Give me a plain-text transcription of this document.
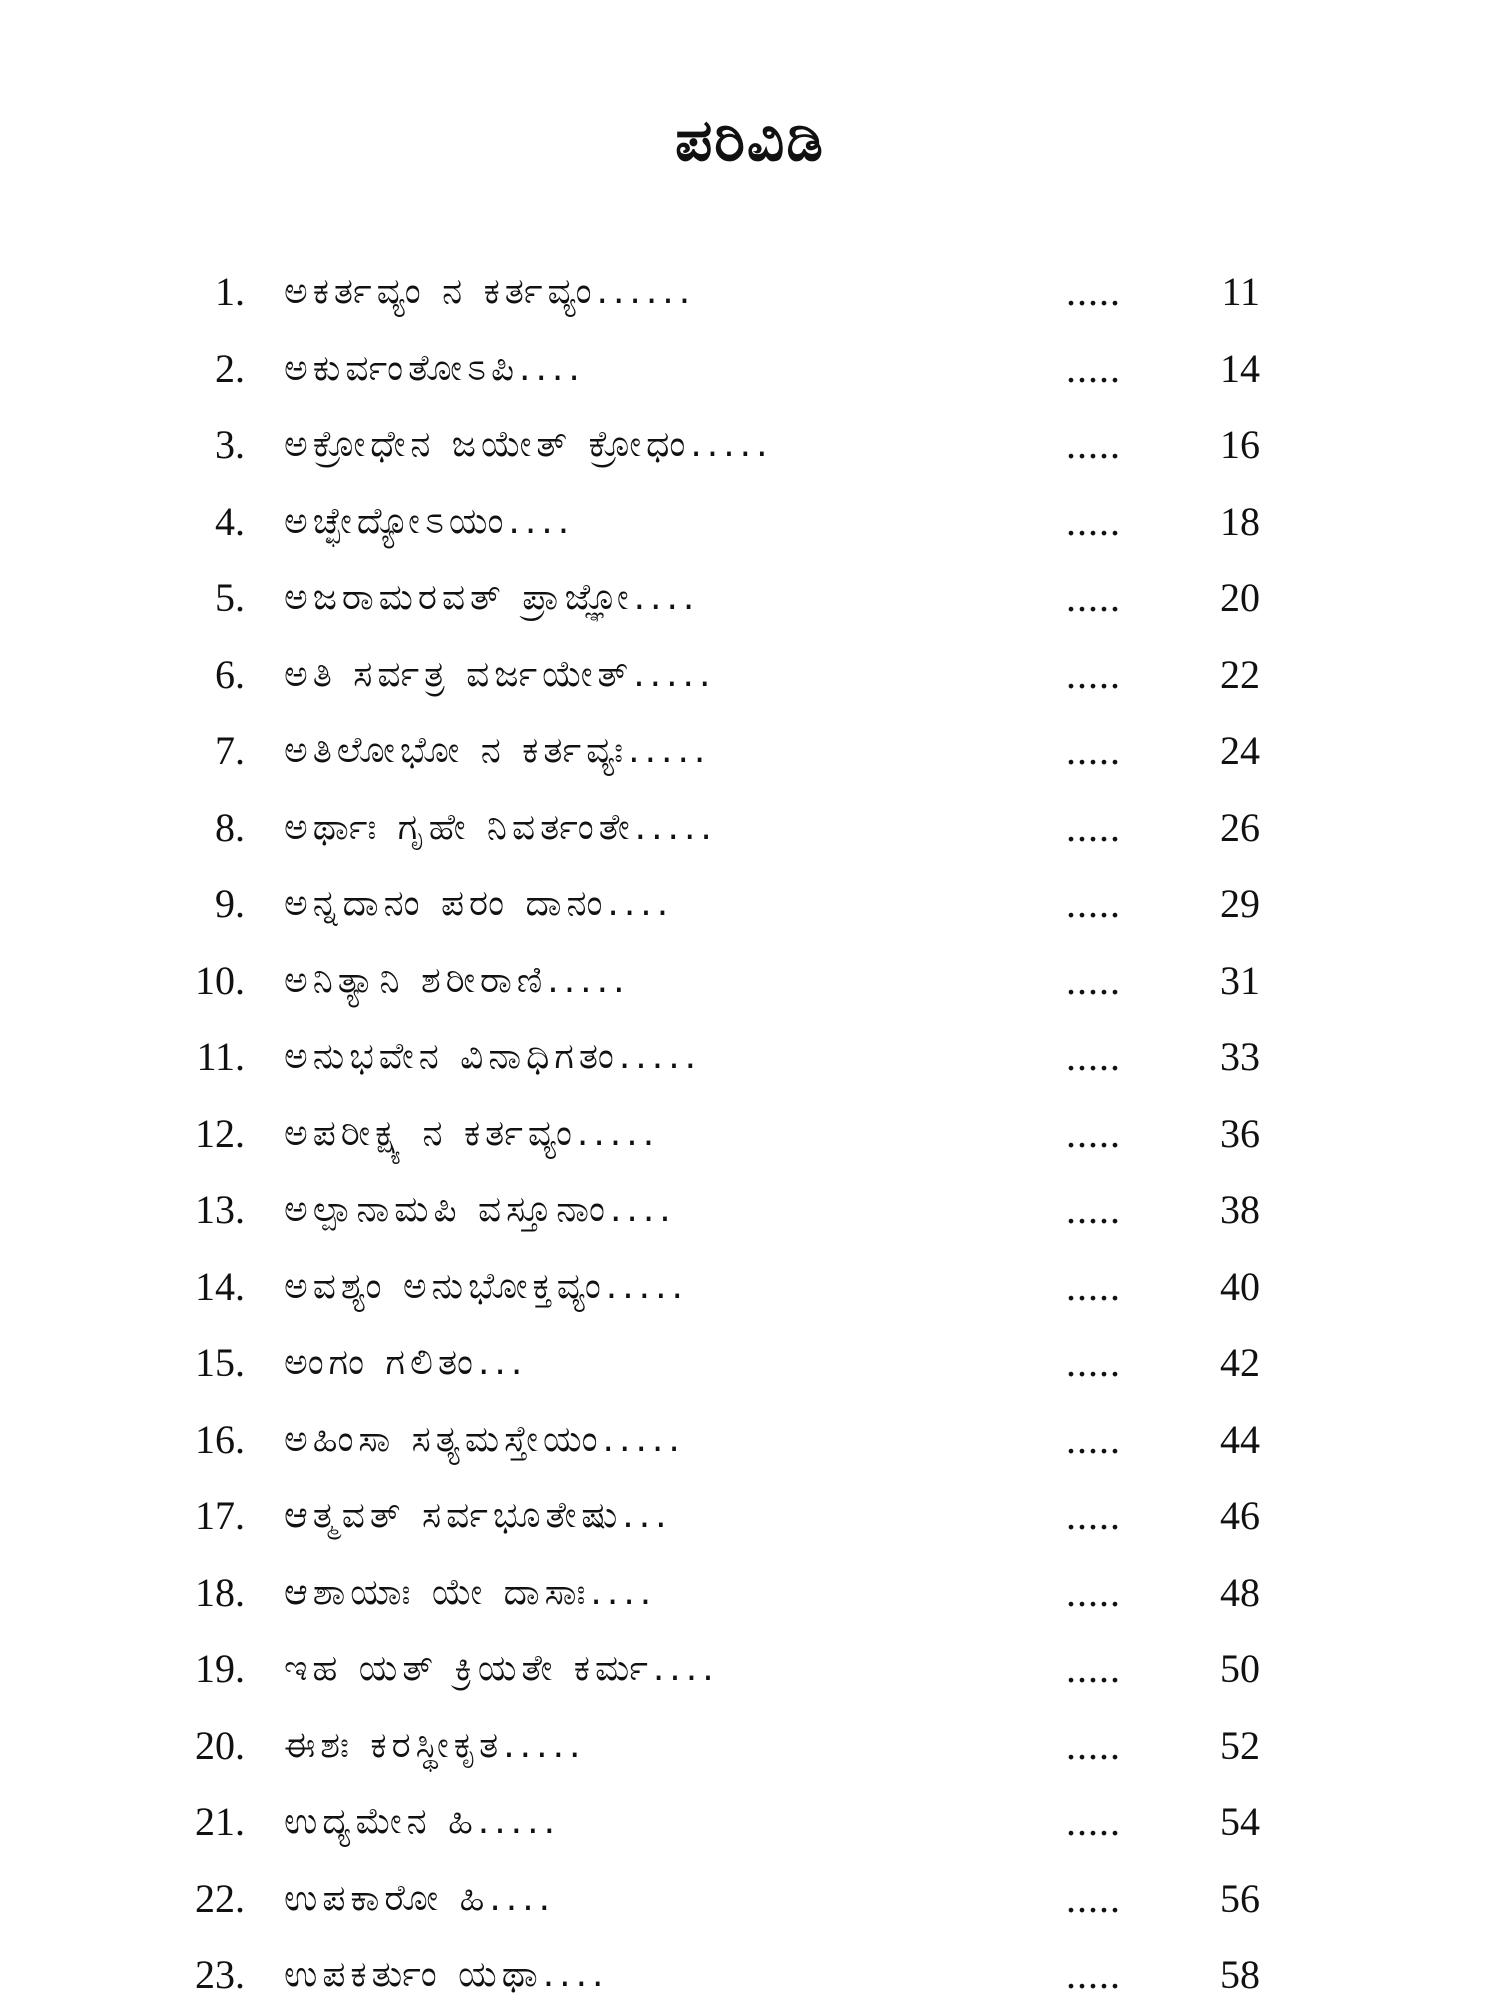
ಪರಿವಿಡಿ
1. ಅಕರ್ತವ್ಯಂ ನ ಕರ್ತವ್ಯಂ......	.....	11
2. ಅಕುರ್ವಂತೋಽಪಿ....	..... 14
3. ಅಕ್ರೋಧೇನ ಜಯೇತ್ ಕ್ರೋಧಂ.....	..... 16
4. ಅಚ್ಛೇದ್ಯೋಽಯಂ....	..... 18
5. ಅಜರಾಮರವತ್ ಪ್ರಾಜ್ಞೋ....	..... 20
6. ಅತಿ ಸರ್ವತ್ರ ವರ್ಜಯೇತ್.....	..... 22
7. ಅತಿಲೋಭೋ ನ ಕರ್ತವ್ಯಃ.....	..... 24
8. ಅರ್ಥಾಃ ಗೃಹೇ ನಿವರ್ತಂತೇ.....	..... 26
9. ಅನ್ನದಾನಂ ಪರಂ ದಾನಂ....	..... 29
10. ಅನಿತ್ಯಾನಿ ಶರೀರಾಣಿ.....	..... 31
11. ಅನುಭವೇನ ವಿನಾಧಿಗತಂ.....	..... 33
12. ಅಪರೀಕ್ಷ್ಯ ನ ಕರ್ತವ್ಯಂ.....	..... 36
13. ಅಲ್ಪಾನಾಮಪಿ ವಸ್ತೂನಾಂ....	..... 38
14. ಅವಶ್ಯಂ ಅನುಭೋಕ್ತವ್ಯಂ.....	..... 40
15. ಅಂಗಂ ಗಲಿತಂ...	..... 42
16. ಅಹಿಂಸಾ ಸತ್ಯಮಸ್ತೇಯಂ.....	..... 44
17. ಆತ್ಮವತ್ ಸರ್ವಭೂತೇಷು...	..... 46
18. ಆಶಾಯಾಃ ಯೇ ದಾಸಾಃ....	..... 48
19. ಇಹ ಯತ್ ಕ್ರಿಯತೇ ಕರ್ಮ....	..... 50
20. ಈಶಃ ಕರಸ್ಥೀಕೃತ.....	..... 52
21. ಉದ್ಯಮೇನ ಹಿ.....	..... 54
22. ಉಪಕಾರೋ ಹಿ....	..... 56
23. ಉಪಕರ್ತುಂ ಯಥಾ....	..... 58
